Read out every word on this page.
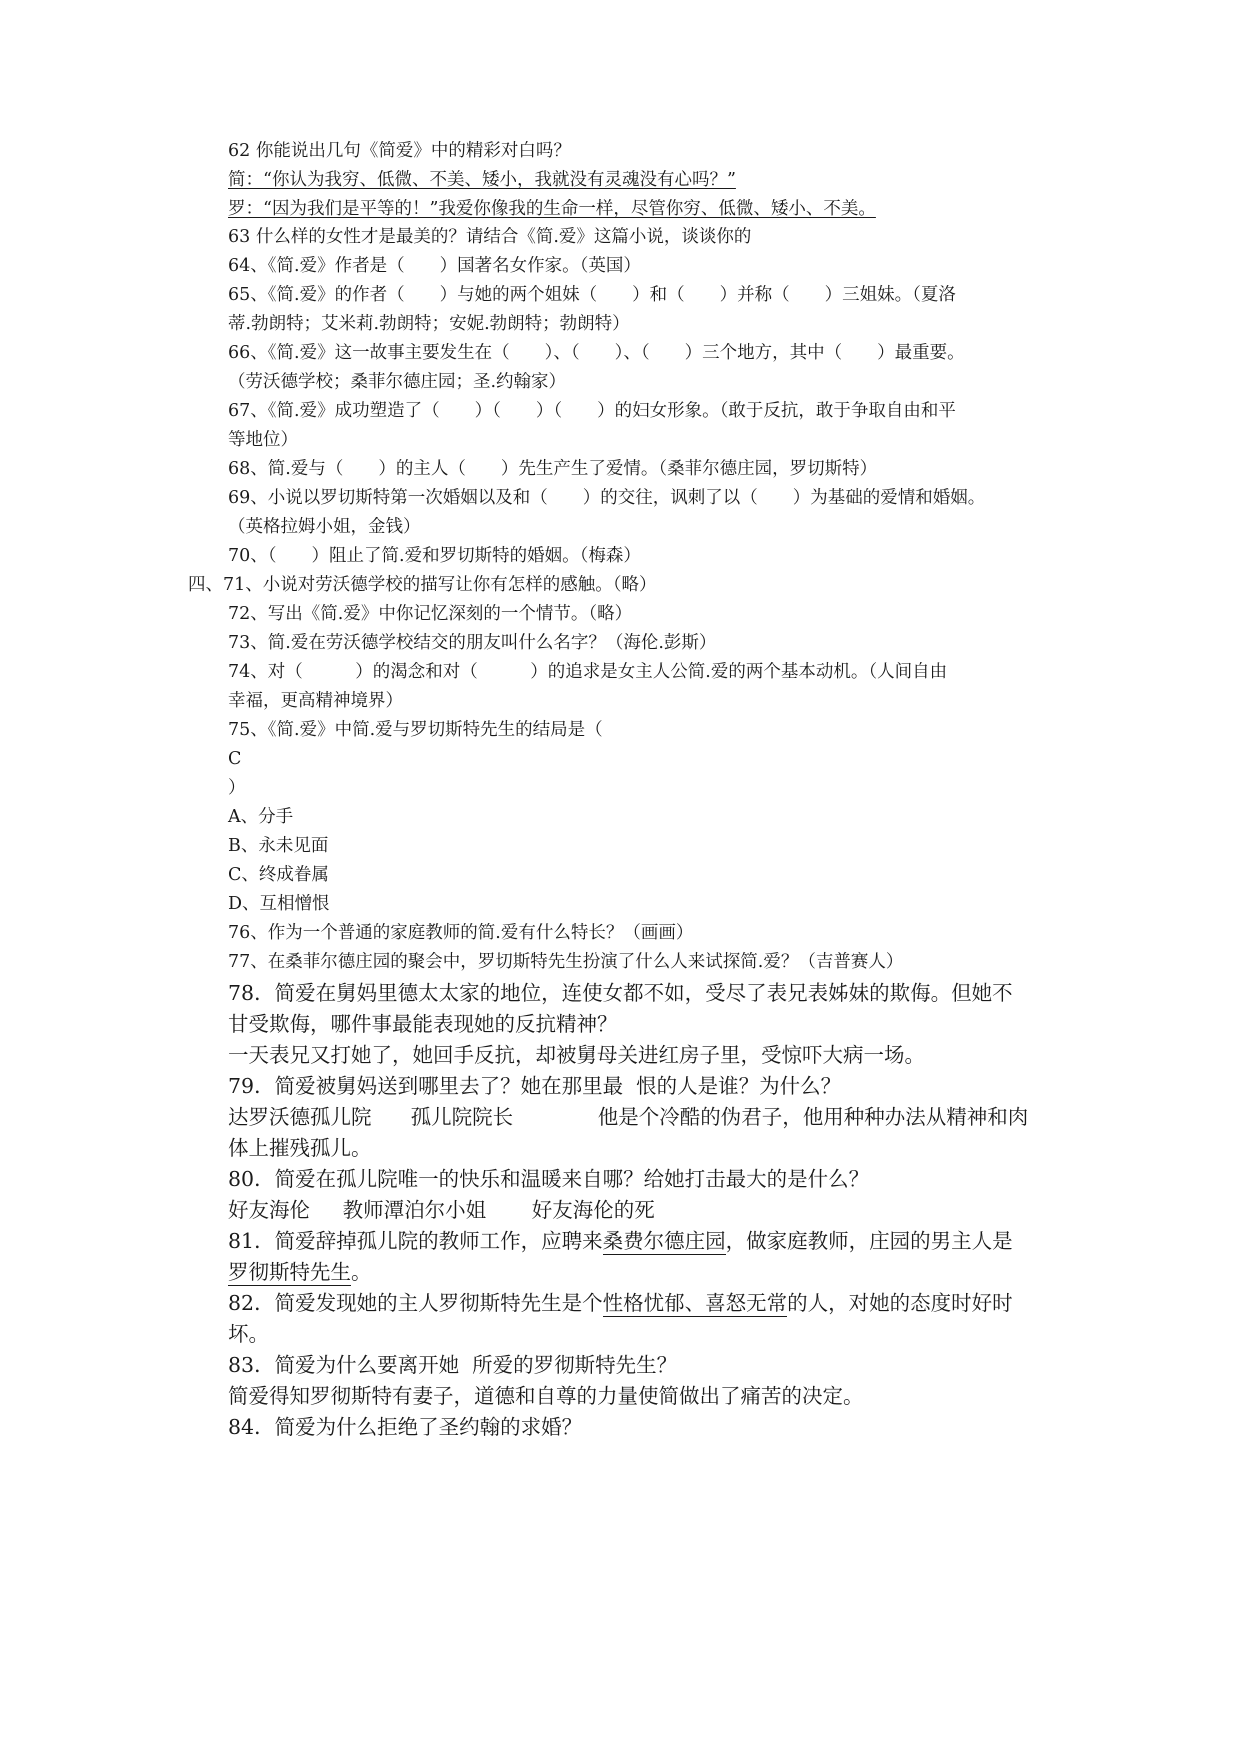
62 你能说出几句《简爱》中的精彩对白吗？
简：“你认为我穷、低微、不美、矮小，我就没有灵魂没有心吗？”
罗：“因为我们是平等的！”我爱你像我的生命一样，尽管你穷、低微、矮小、不美。
63 什么样的女性才是最美的？请结合《简.爱》这篇小说，谈谈你的
64、《简.爱》作者是（　　）国著名女作家。（英国）
65、《简.爱》的作者（　　）与她的两个姐妹（　　）和（　　）并称（　　）三姐妹。（夏洛
蒂.勃朗特；艾米莉.勃朗特；安妮.勃朗特；勃朗特）
66、《简.爱》这一故事主要发生在（　　）、（　　）、（　　）三个地方，其中（　　）最重要。
（劳沃德学校；桑菲尔德庄园；圣.约翰家）
67、《简.爱》成功塑造了（　　）（　　）（　　）的妇女形象。（敢于反抗，敢于争取自由和平
等地位）
68、简.爱与（　　）的主人（　　）先生产生了爱情。（桑菲尔德庄园，罗切斯特）
69、小说以罗切斯特第一次婚姻以及和（　　）的交往，讽刺了以（　　）为基础的爱情和婚姻。
（英格拉姆小姐，金钱）
70、（　　）阻止了简.爱和罗切斯特的婚姻。（梅森）
四、71、小说对劳沃德学校的描写让你有怎样的感触。（略）
72、写出《简.爱》中你记忆深刻的一个情节。（略）
73、简.爱在劳沃德学校结交的朋友叫什么名字？（海伦.彭斯）
74、对（　　　）的渴念和对（　　　）的追求是女主人公简.爱的两个基本动机。（人间自由
幸福，更高精神境界）
75、《简.爱》中简.爱与罗切斯特先生的结局是（
C
）
A、分手
B、永未见面
C、终成眷属
D、互相憎恨
76、作为一个普通的家庭教师的简.爱有什么特长？（画画）
77、在桑菲尔德庄园的聚会中，罗切斯特先生扮演了什么人来试探简.爱？（吉普赛人）
78．简爱在舅妈里德太太家的地位，连使女都不如，受尽了表兄表姊妹的欺侮。但她不
甘受欺侮，哪件事最能表现她的反抗精神？
一天表兄又打她了，她回手反抗，却被舅母关进红房子里，受惊吓大病一场。
79．简爱被舅妈送到哪里去了？她在那里最  恨的人是谁？为什么？
达罗沃德孤儿院      孤儿院院长             他是个冷酷的伪君子，他用种种办法从精神和肉
体上摧残孤儿。
80．简爱在孤儿院唯一的快乐和温暖来自哪？给她打击最大的是什么？
好友海伦     教师潭泊尔小姐       好友海伦的死
81．简爱辞掉孤儿院的教师工作，应聘来桑费尔德庄园，做家庭教师，庄园的男主人是
罗彻斯特先生。
82．简爱发现她的主人罗彻斯特先生是个性格忧郁、喜怒无常的人，对她的态度时好时
坏。
83．简爱为什么要离开她  所爱的罗彻斯特先生？
简爱得知罗彻斯特有妻子，道德和自尊的力量使简做出了痛苦的决定。
84．简爱为什么拒绝了圣约翰的求婚？
